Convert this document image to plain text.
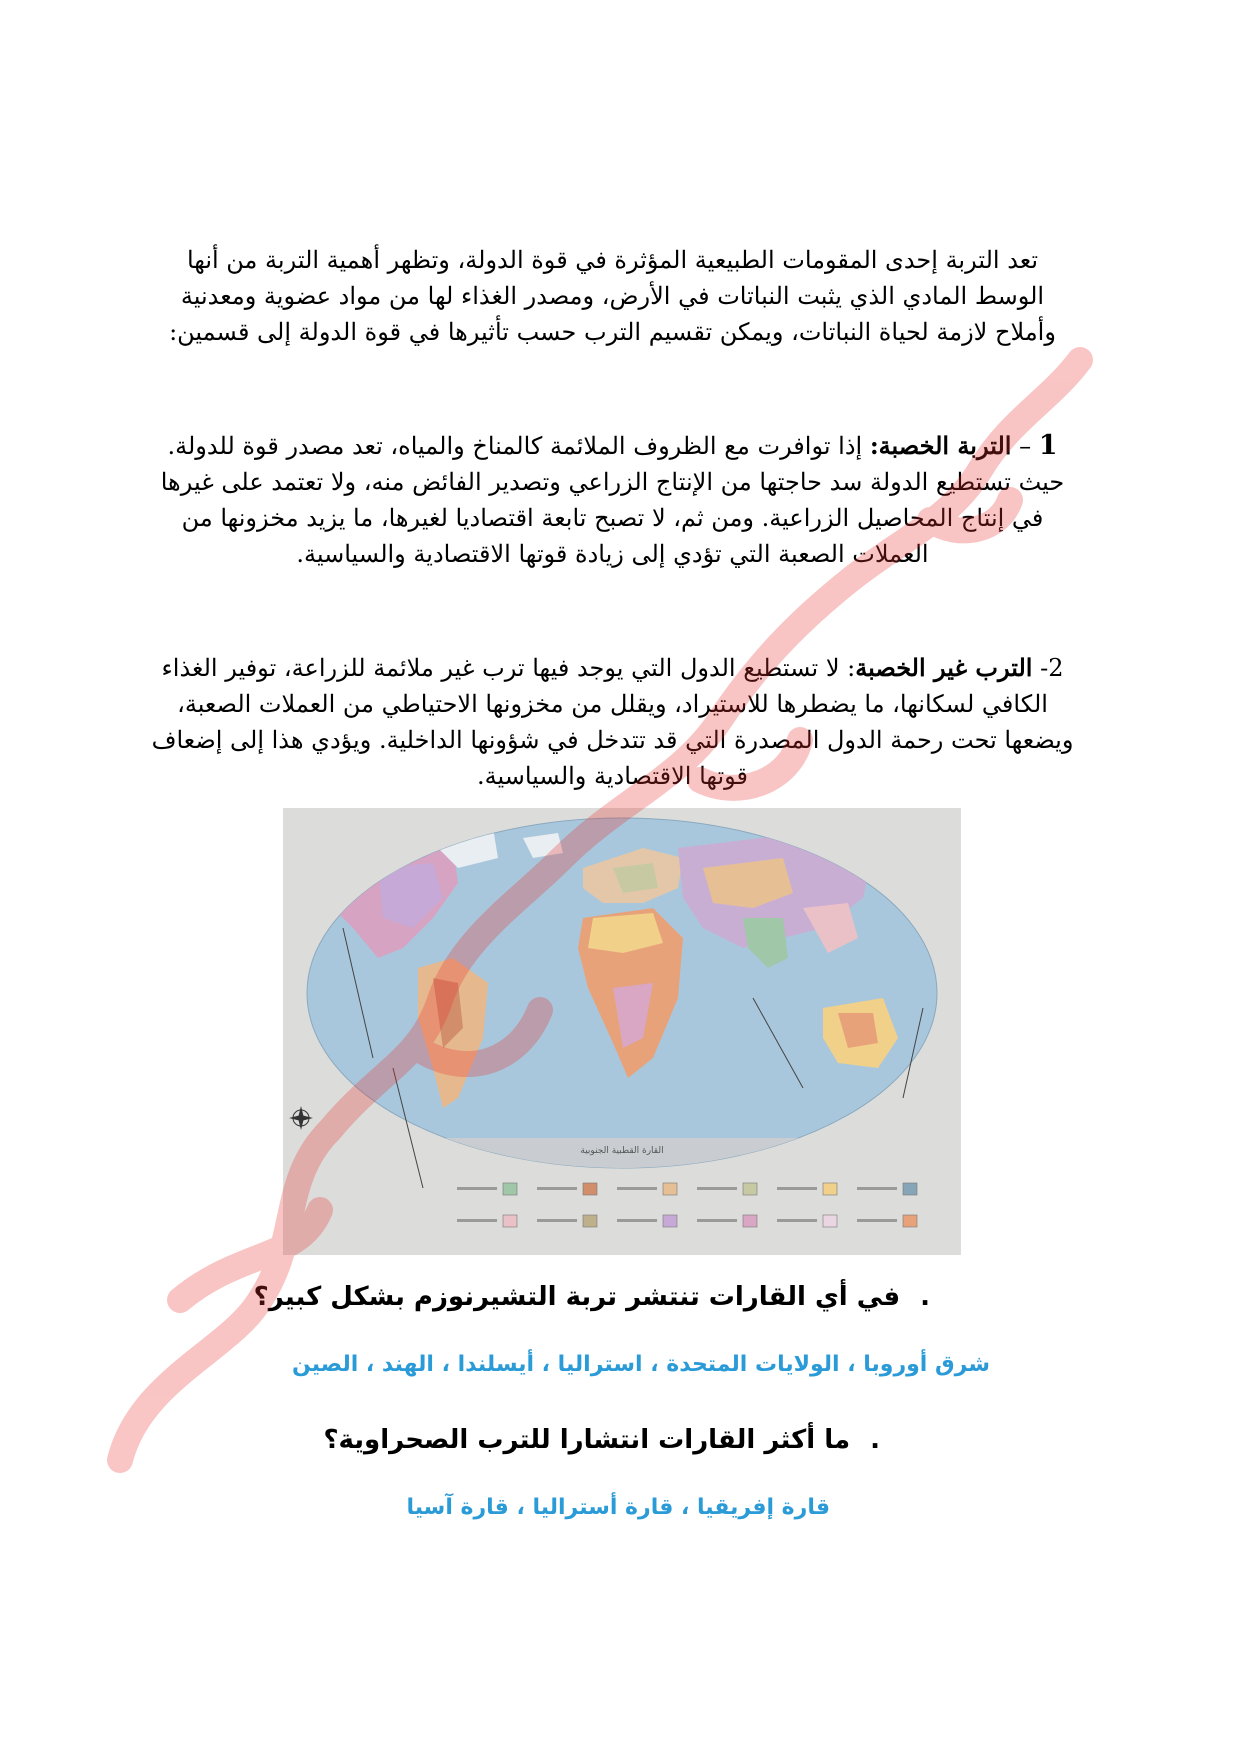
تعد التربة إحدى المقومات الطبيعية المؤثرة في قوة الدولة، وتظهر أهمية التربة من أنها الوسط المادي الذي يثبت النباتات في الأرض، ومصدر الغذاء لها من مواد عضوية ومعدنية وأملاح لازمة لحياة النباتات، ويمكن تقسيم الترب حسب تأثيرها في قوة الدولة إلى قسمين:

1 – التربة الخصبة: إذا توافرت مع الظروف الملائمة كالمناخ والمياه، تعد مصدر قوة للدولة. حيث تستطيع الدولة سد حاجتها من الإنتاج الزراعي وتصدير الفائض منه، ولا تعتمد على غيرها في إنتاج المحاصيل الزراعية. ومن ثم، لا تصبح تابعة اقتصاديا لغيرها، ما يزيد مخزونها من العملات الصعبة التي تؤدي إلى زيادة قوتها الاقتصادية والسياسية.

2- الترب غير الخصبة: لا تستطيع الدول التي يوجد فيها ترب غير ملائمة للزراعة، توفير الغذاء الكافي لسكانها، ما يضطرها للاستيراد، ويقلل من مخزونها الاحتياطي من العملات الصعبة، ويضعها تحت رحمة الدول المصدرة التي قد تتدخل في شؤونها الداخلية. ويؤدي هذا إلى إضعاف قوتها الاقتصادية والسياسية.

القارة القطبية الجنوبية
.في أي القارات تنتشر تربة التشيرنوزم بشكل كبير؟
شرق أوروبا ، الولايات المتحدة ، استراليا ، أيسلندا ، الهند ، الصين
.ما أكثر القارات انتشارا للترب الصحراوية؟
قارة إفريقيا ، قارة أستراليا ، قارة آسيا
